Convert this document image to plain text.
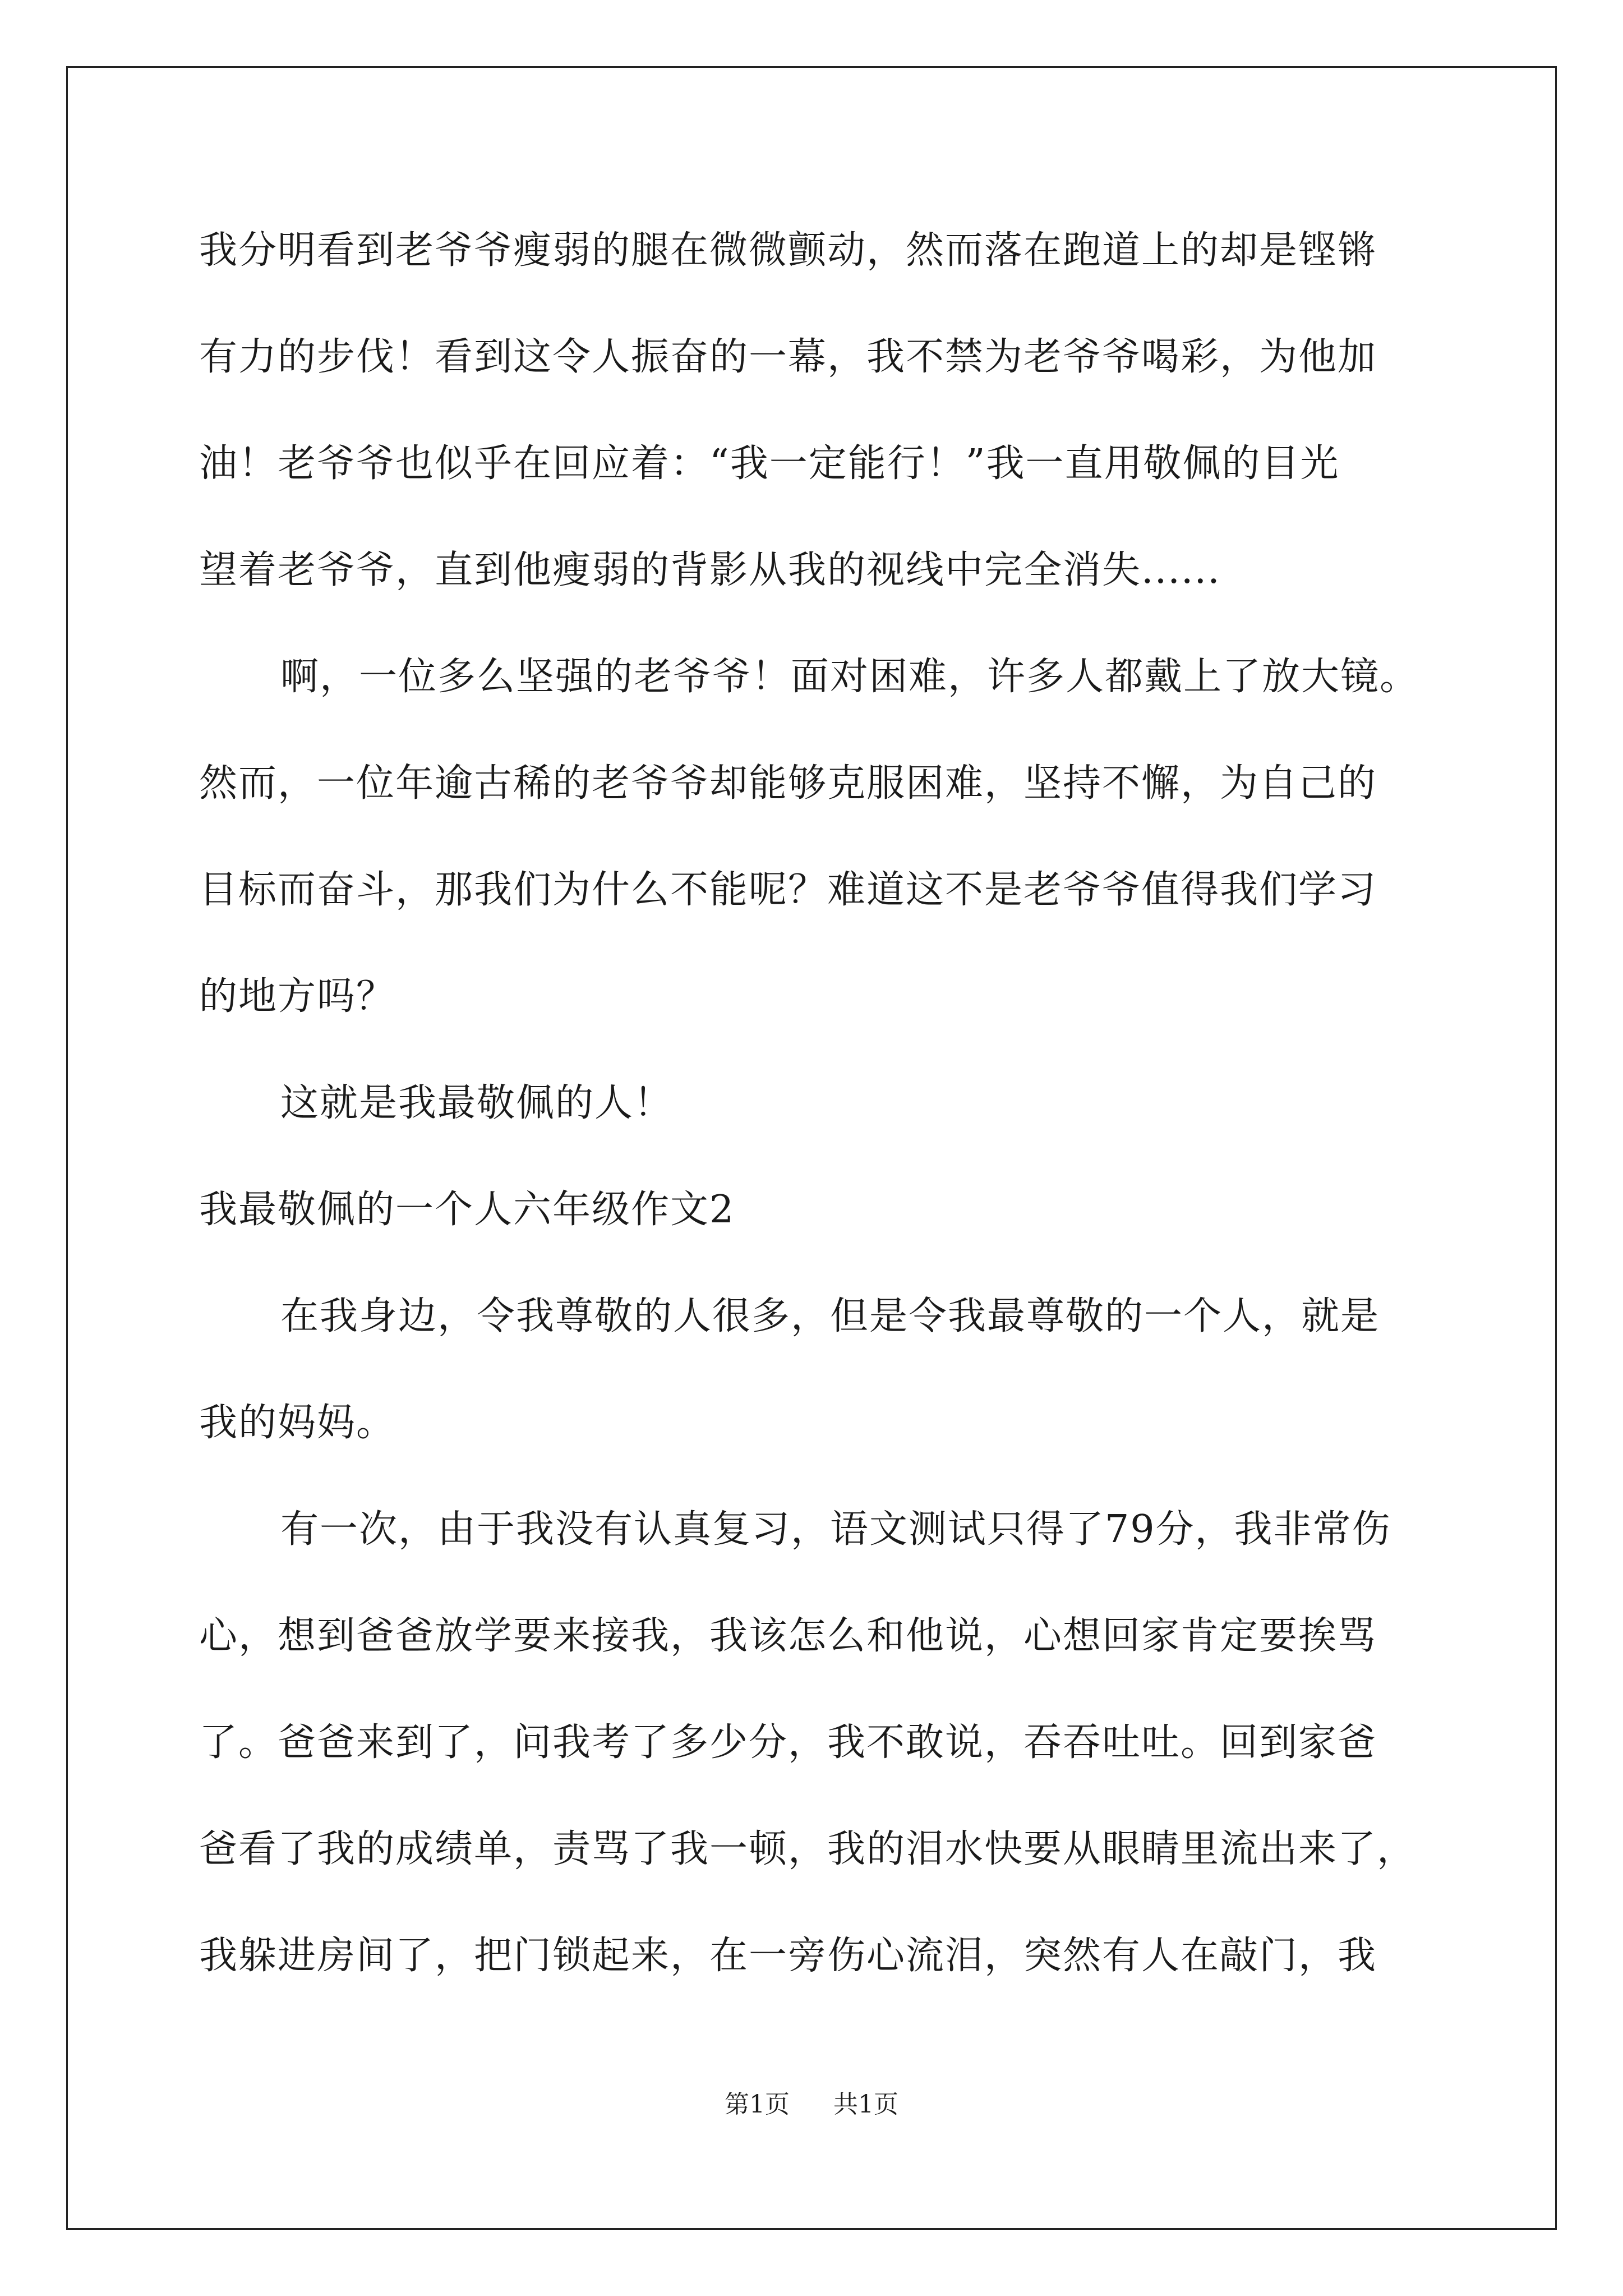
我分明看到老爷爷瘦弱的腿在微微颤动，然而落在跑道上的却是铿锵
有力的步伐！看到这令人振奋的一幕，我不禁为老爷爷喝彩，为他加
油！老爷爷也似乎在回应着：“我一定能行！”我一直用敬佩的目光
望着老爷爷，直到他瘦弱的背影从我的视线中完全消失......
啊，一位多么坚强的老爷爷！面对困难，许多人都戴上了放大镜。
然而，一位年逾古稀的老爷爷却能够克服困难，坚持不懈，为自己的
目标而奋斗，那我们为什么不能呢？难道这不是老爷爷值得我们学习
的地方吗？
这就是我最敬佩的人！
我最敬佩的一个人六年级作文2
在我身边，令我尊敬的人很多，但是令我最尊敬的一个人，就是
我的妈妈。
有一次，由于我没有认真复习，语文测试只得了79分，我非常伤
心，想到爸爸放学要来接我，我该怎么和他说，心想回家肯定要挨骂
了。爸爸来到了，问我考了多少分，我不敢说，吞吞吐吐。回到家爸
爸看了我的成绩单，责骂了我一顿，我的泪水快要从眼睛里流出来了，
我躲进房间了，把门锁起来，在一旁伤心流泪，突然有人在敲门，我
第1页 共1页
